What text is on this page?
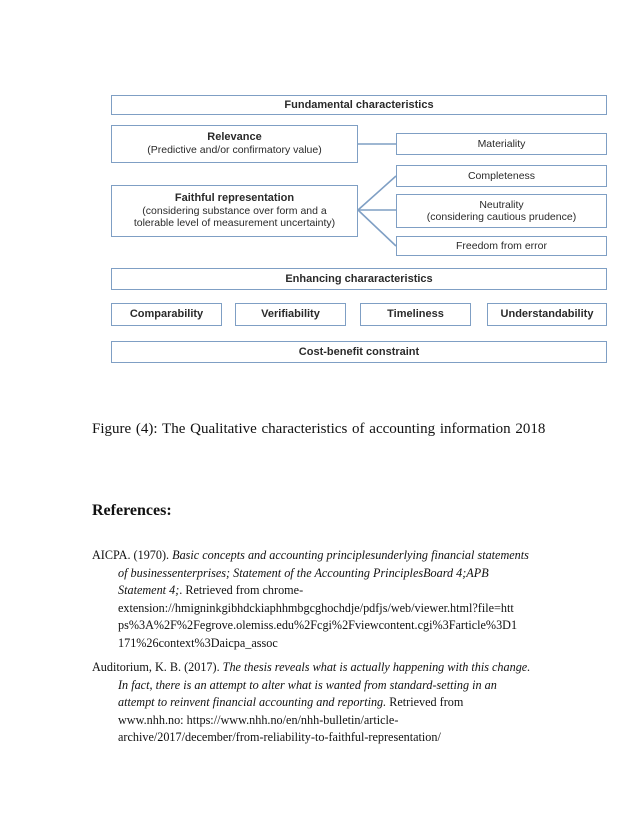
Fundamental characteristics
Relevance
(Predictive and/or confirmatory value)
Materiality
Completeness
Faithful representation
(considering substance over form and a
tolerable level of measurement uncertainty)
Neutrality
(considering cautious prudence)
Freedom from error
Enhancing chararacteristics
Comparability	Verifiability	Timeliness	Understandability
Cost-benefit constraint
Figure (4): The Qualitative characteristics of accounting information 2018
References:
AICPA. (1970). Basic concepts and accounting principlesunderlying financial statements
of businessenterprises; Statement of the Accounting PrinciplesBoard 4;APB
Statement 4;. Retrieved from chrome-
extension://hmigninkgibhdckiaphhmbgcghochdje/pdfjs/web/viewer.html?file=htt
ps%3A%2F%2Fegrove.olemiss.edu%2Fcgi%2Fviewcontent.cgi%3Farticle%3D1
171%26context%3Daicpa_assoc
Auditorium, K. B. (2017). The thesis reveals what is actually happening with this change.
In fact, there is an attempt to alter what is wanted from standard-setting in an
attempt to reinvent financial accounting and reporting. Retrieved from
www.nhh.no: https://www.nhh.no/en/nhh-bulletin/article-
archive/2017/december/from-reliability-to-faithful-representation/
